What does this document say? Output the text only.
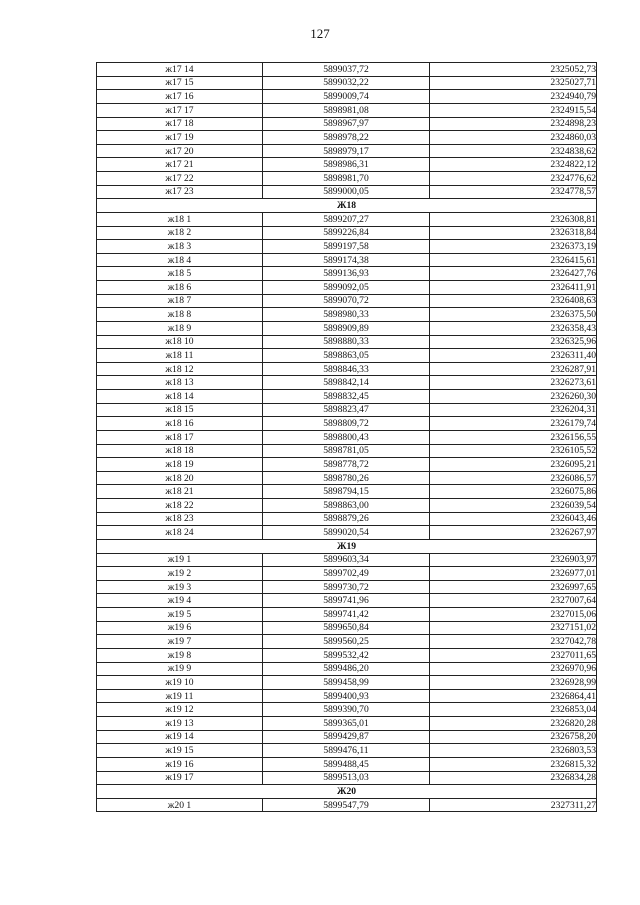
127
ж17 14	5899037,72	2325052,73
ж17 15	5899032,22	2325027,71
ж17 16	5899009,74	2324940,79
ж17 17	5898981,08	2324915,54
ж17 18	5898967,97	2324898,23
ж17 19	5898978,22	2324860,03
ж17 20	5898979,17	2324838,62
ж17 21	5898986,31	2324822,12
ж17 22	5898981,70	2324776,62
ж17 23	5899000,05	2324778,57
Ж18		
ж18 1	5899207,27	2326308,81
ж18 2	5899226,84	2326318,84
ж18 3	5899197,58	2326373,19
ж18 4	5899174,38	2326415,61
ж18 5	5899136,93	2326427,76
ж18 6	5899092,05	2326411,91
ж18 7	5899070,72	2326408,63
ж18 8	5898980,33	2326375,50
ж18 9	5898909,89	2326358,43
ж18 10	5898880,33	2326325,96
ж18 11	5898863,05	2326311,40
ж18 12	5898846,33	2326287,91
ж18 13	5898842,14	2326273,61
ж18 14	5898832,45	2326260,30
ж18 15	5898823,47	2326204,31
ж18 16	5898809,72	2326179,74
ж18 17	5898800,43	2326156,55
ж18 18	5898781,05	2326105,52
ж18 19	5898778,72	2326095,21
ж18 20	5898780,26	2326086,57
ж18 21	5898794,15	2326075,86
ж18 22	5898863,00	2326039,54
ж18 23	5898879,26	2326043,46
ж18 24	5899020,54	2326267,97
Ж19		
ж19 1	5899603,34	2326903,97
ж19 2	5899702,49	2326977,01
ж19 3	5899730,72	2326997,65
ж19 4	5899741,96	2327007,64
ж19 5	5899741,42	2327015,06
ж19 6	5899650,84	2327151,02
ж19 7	5899560,25	2327042,78
ж19 8	5899532,42	2327011,65
ж19 9	5899486,20	2326970,96
ж19 10	5899458,99	2326928,99
ж19 11	5899400,93	2326864,41
ж19 12	5899390,70	2326853,04
ж19 13	5899365,01	2326820,28
ж19 14	5899429,87	2326758,20
ж19 15	5899476,11	2326803,53
ж19 16	5899488,45	2326815,32
ж19 17	5899513,03	2326834,28
Ж20		
ж20 1	5899547,79	2327311,27
